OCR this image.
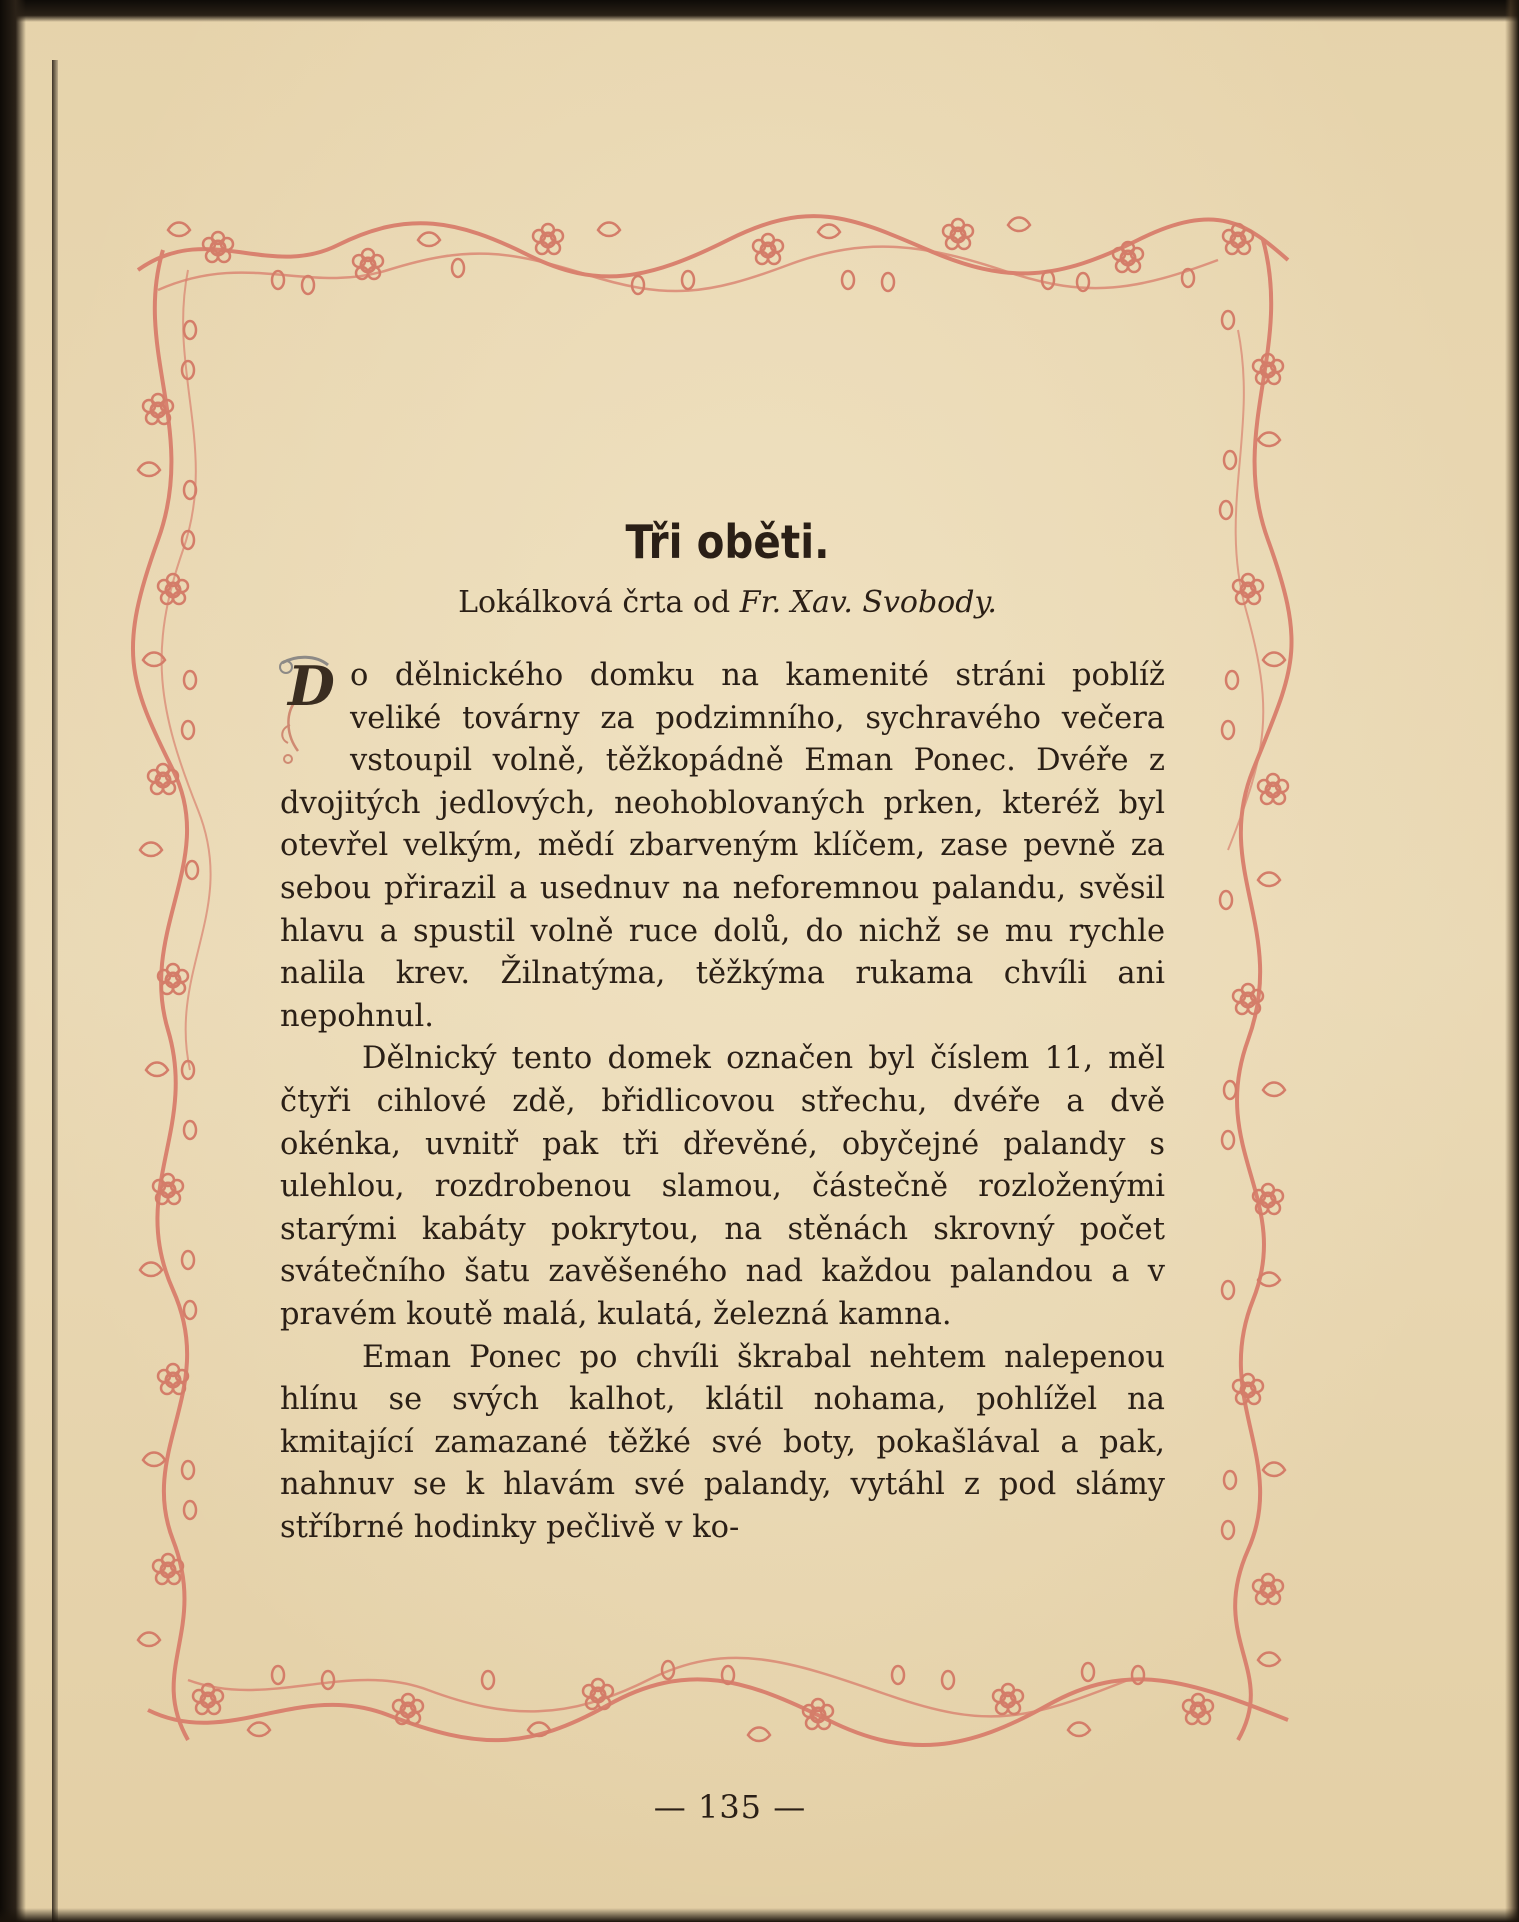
Tři oběti.
Lokálková črta od Fr. Xav. Svobody.

D o dělnického domku na kamenité stráni poblíž veliké továrny za podzimního, sychravého večera vstoupil volně, těžkopádně Eman Ponec. Dvéře z dvojitých jedlových, neohoblovaných prken, kteréž byl otevřel velkým, mědí zbarveným klíčem, zase pevně za sebou přirazil a usednuv na neforemnou palandu, svěsil hlavu a spustil volně ruce dolů, do nichž se mu rychle nalila krev. Žilnatýma, těžkýma rukama chvíli ani nepohnul.

Dělnický tento domek označen byl číslem 11, měl čtyři cihlové zdě, břidlicovou střechu, dvéře a dvě okénka, uvnitř pak tři dřevěné, obyčejné palandy s ulehlou, rozdrobenou slamou, částečně rozloženými starými kabáty pokrytou, na stěnách skrovný počet svátečního šatu zavěšeného nad každou palandou a v pravém koutě malá, kulatá, železná kamna.

Eman Ponec po chvíli škrabal nehtem nalepenou hlínu se svých kalhot, klátil nohama, pohlížel na kmitající zamazané těžké své boty, pokašlával a pak, nahnuv se k hlavám své palandy, vytáhl z pod slámy stříbrné hodinky pečlivě v ko-

— 135 —
